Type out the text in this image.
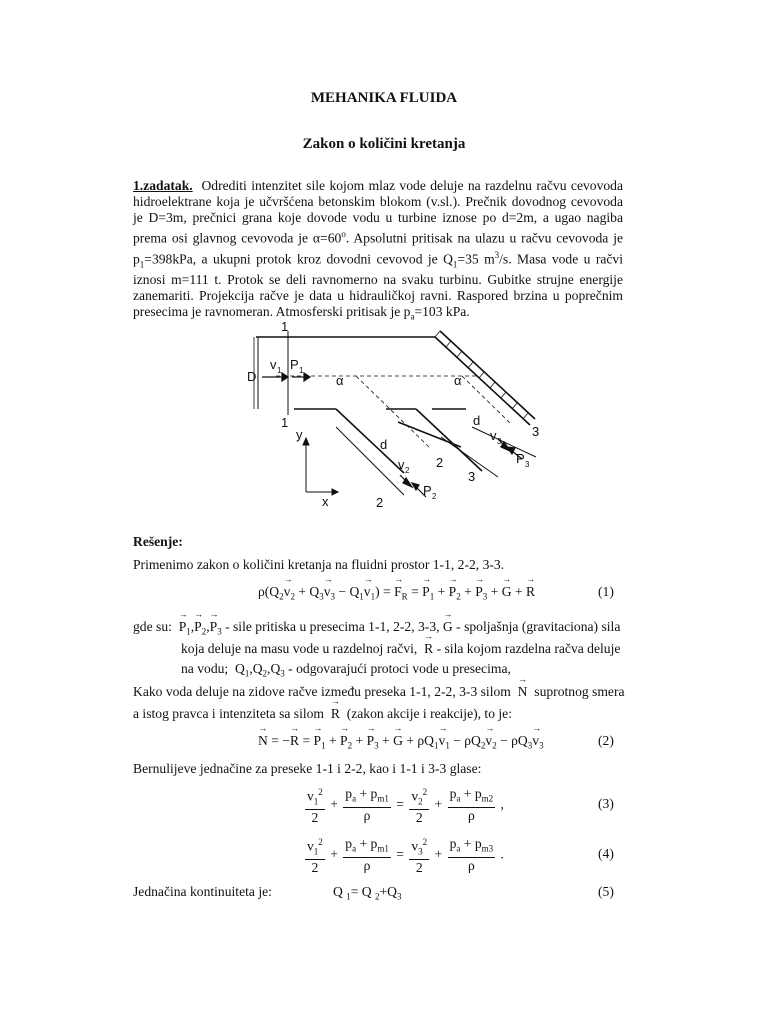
MEHANIKA FLUIDA
Zakon o količini kretanja
1.zadatak. Odrediti intenzitet sile kojom mlaz vode deluje na razdelnu račvu cevovoda hidroelektrane koja je učvršćena betonskim blokom (v.sl.). Prečnik dovodnog cevovoda je D=3m, prečnici grana koje dovode vodu u turbine iznose po d=2m, a ugao nagiba prema osi glavnog cevovoda je $\alpha=60^o$. Apsolutni pritisak na ulazu u račvu cevovoda je $p_1=398kPa$, a ukupni protok kroz dovodni cevovod je $Q_1=35$ $m^3/s$. Masa vode u račvi iznosi m=111 t. Protok se deli ravnomerno na svaku turbinu. Gubitke strujne energije zanemariti. Projekcija račve je data u hidrauličkoj ravni. Raspored brzina u poprečnim presecima je ravnomeran. Atmosferski pritisak je $p_a=103$ kPa.
1
1
D
v 1 P 1
α	α
d
d
v 2
P 2
v 3
P 3
2
2
3
3
y
x
Rešenje:
Primenimo zakon o količini kretanja na fluidni prostor 1-1, 2-2, 3-3.
$\rho(Q_2\to v_2 + Q_3\to v_3 - Q_1\to v_1)$ = → $F_R$ = → $P_1$ + → $P_2$ + → $P_3$ + → G + → R	(1)
gde su: → $P_1,\to P_2,\to P_3$ - sile pritiska u presecima 1-1, 2-2, 3-3, → G - spoljašnja (gravitaciona) sila
koja deluje na masu vode u razdelnoj račvi, → R - sila kojom razdelna račva deluje
na vodu;  $Q_1,Q_2,Q_3$ - odgovarajući protoci vode u presecima,
Kako voda deluje na zidove račve između preseka 1-1, 2-2, 3-3 silom → N suprotnog smera
a istog pravca i intenziteta sa silom → R (zakon akcije i reakcije), to je:
→ N = −→ R = → $P_1$ + → $P_2$ + → $P_3$ + → $G + \rho Q_1\to v_1 - \rho Q_2\to v_2 - \rho Q_3\to v_3$	(2)
Bernulijeve jednačine za preseke 1-1 i 2-2, kao i 1-1 i 3-3 glase:
$\frac{v_1^2}{2} + \frac{p_a + p_{m1}}{\rho} = \frac{v_2^2}{2} + \frac{p_a + p_{m2}}{\rho}$ ,	(3)
$\frac{v_1^2}{2} + \frac{p_a + p_{m1}}{\rho} = \frac{v_3^2}{2} + \frac{p_a + p_{m3}}{\rho}$ .	(4)
Jednačina kontinuiteta je:	Q $_1$= Q $_2+Q_3$	(5)
